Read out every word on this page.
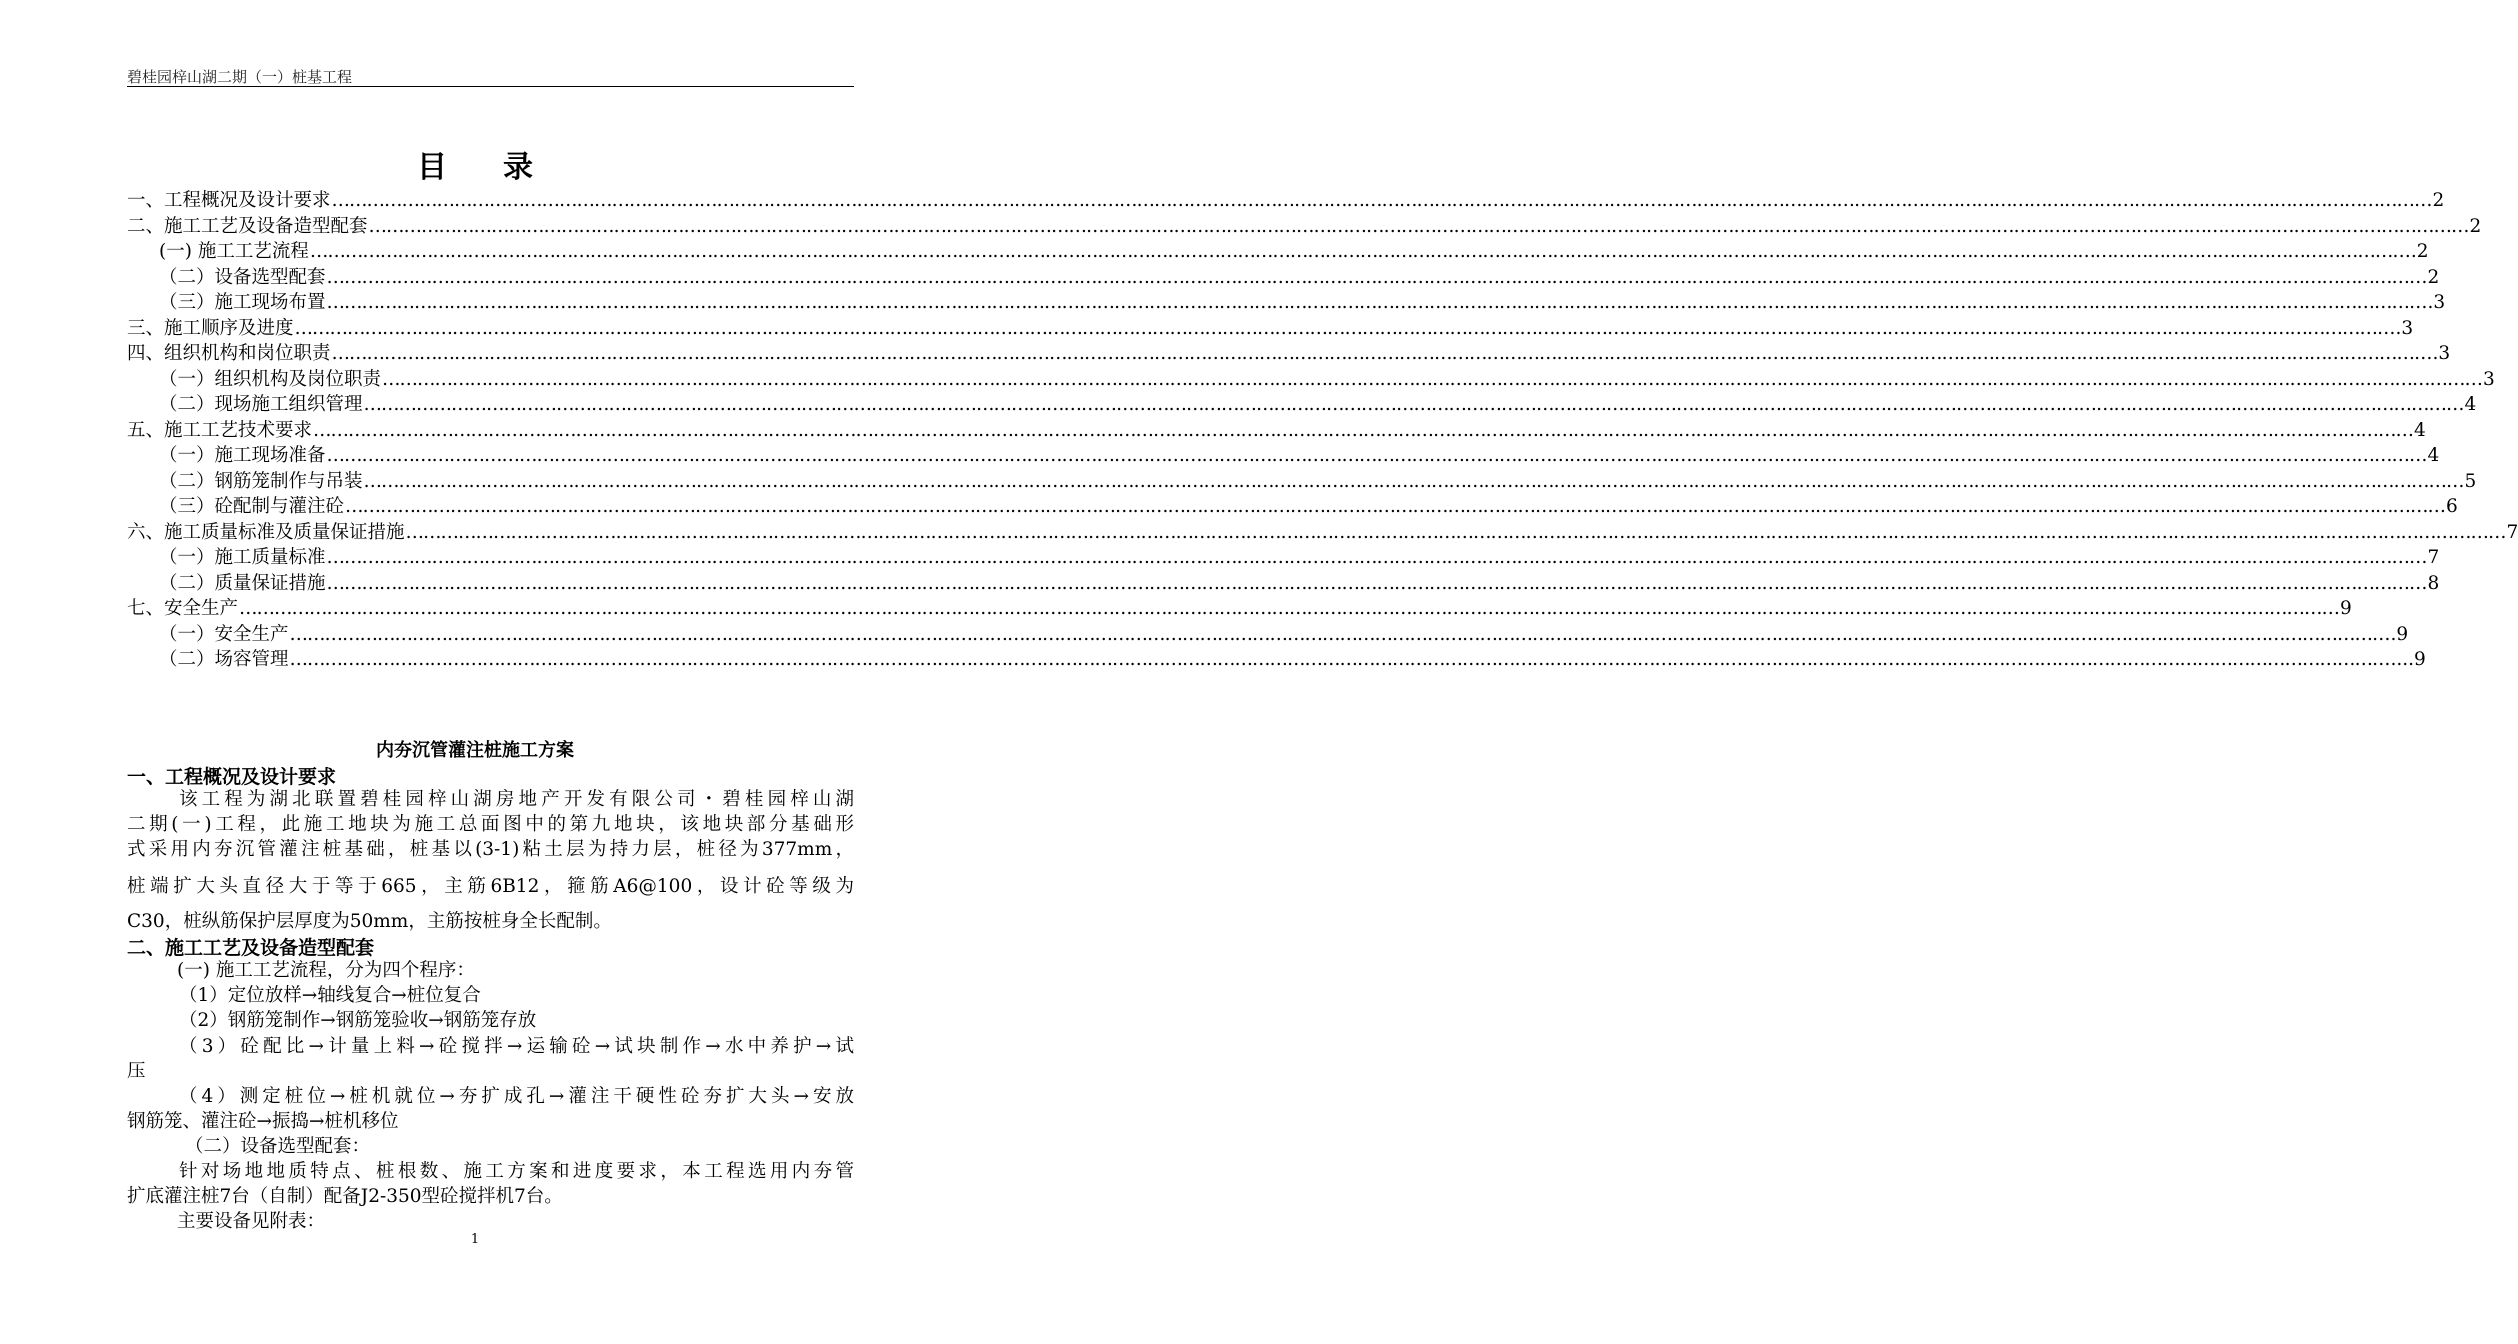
碧桂园梓山湖二期（一）桩基工程
目 录
一、工程概况及设计要求 ……………………………………………………………………………………………………………………………………………………………………………………………………………………………………………………………………………………………………………………………… 2
二、施工工艺及设备造型配套 ……………………………………………………………………………………………………………………………………………………………………………………………………………………………………………………………………………………………………………………………… 2
(一) 施工工艺流程 ……………………………………………………………………………………………………………………………………………………………………………………………………………………………………………………………………………………………………………………………… .2
（二）设备选型配套 ……………………………………………………………………………………………………………………………………………………………………………………………………………………………………………………………………………………………………………………………… 2
（三）施工现场布置 ……………………………………………………………………………………………………………………………………………………………………………………………………………………………………………………………………………………………………………………………… .3
三、施工顺序及进度 ……………………………………………………………………………………………………………………………………………………………………………………………………………………………………………………………………………………………………………………………… .3
四、组织机构和岗位职责 ……………………………………………………………………………………………………………………………………………………………………………………………………………………………………………………………………………………………………………………………… .3
（一）组织机构及岗位职责 ……………………………………………………………………………………………………………………………………………………………………………………………………………………………………………………………………………………………………………………………… 3
（二）现场施工组织管理 ……………………………………………………………………………………………………………………………………………………………………………………………………………………………………………………………………………………………………………………………… 4
五、施工工艺技术要求 ……………………………………………………………………………………………………………………………………………………………………………………………………………………………………………………………………………………………………………………………… 4
（一）施工现场准备 ……………………………………………………………………………………………………………………………………………………………………………………………………………………………………………………………………………………………………………………………… 4
（二）钢筋笼制作与吊装 ……………………………………………………………………………………………………………………………………………………………………………………………………………………………………………………………………………………………………………………………… 5
（三）砼配制与灌注砼 ……………………………………………………………………………………………………………………………………………………………………………………………………………………………………………………………………………………………………………………………… 6
六、施工质量标准及质量保证措施 ……………………………………………………………………………………………………………………………………………………………………………………………………………………………………………………………………………………………………………………………… 7
（一）施工质量标准 ……………………………………………………………………………………………………………………………………………………………………………………………………………………………………………………………………………………………………………………………… 7
（二）质量保证措施 ……………………………………………………………………………………………………………………………………………………………………………………………………………………………………………………………………………………………………………………………… 8
七、安全生产 ……………………………………………………………………………………………………………………………………………………………………………………………………………………………………………………………………………………………………………………………… 9
（一）安全生产 ……………………………………………………………………………………………………………………………………………………………………………………………………………………………………………………………………………………………………………………………… .9
（二）场容管理 ……………………………………………………………………………………………………………………………………………………………………………………………………………………………………………………………………………………………………………………………… ....9
内夯沉管灌注桩施工方案
一、工程概况及设计要求
该工程为湖北联置碧桂园梓山湖房地产开发有限公司・碧桂园梓山湖
二期(一)工程，此施工地块为施工总面图中的第九地块，该地块部分基础形
式采用内夯沉管灌注桩基础，桩基以(3-1)粘土层为持力层，桩径为377mm，
桩端扩大头直径大于等于665，主筋6B12，箍筋A6@100，设计砼等级为
C30，桩纵筋保护层厚度为50mm，主筋按桩身全长配制。
二、施工工艺及设备造型配套
(一) 施工工艺流程，分为四个程序：
（1）定位放样→轴线复合→桩位复合
（2）钢筋笼制作→钢筋笼验收→钢筋笼存放
（3）砼配比→计量上料→砼搅拌→运输砼→试块制作→水中养护→试
压
（4）测定桩位→桩机就位→夯扩成孔→灌注干硬性砼夯扩大头→安放
钢筋笼、灌注砼→振捣→桩机移位
（二）设备选型配套：
针对场地地质特点、桩根数、施工方案和进度要求，本工程选用内夯管
扩底灌注桩7台（自制）配备J2-350型砼搅拌机7台。
主要设备见附表：
1
